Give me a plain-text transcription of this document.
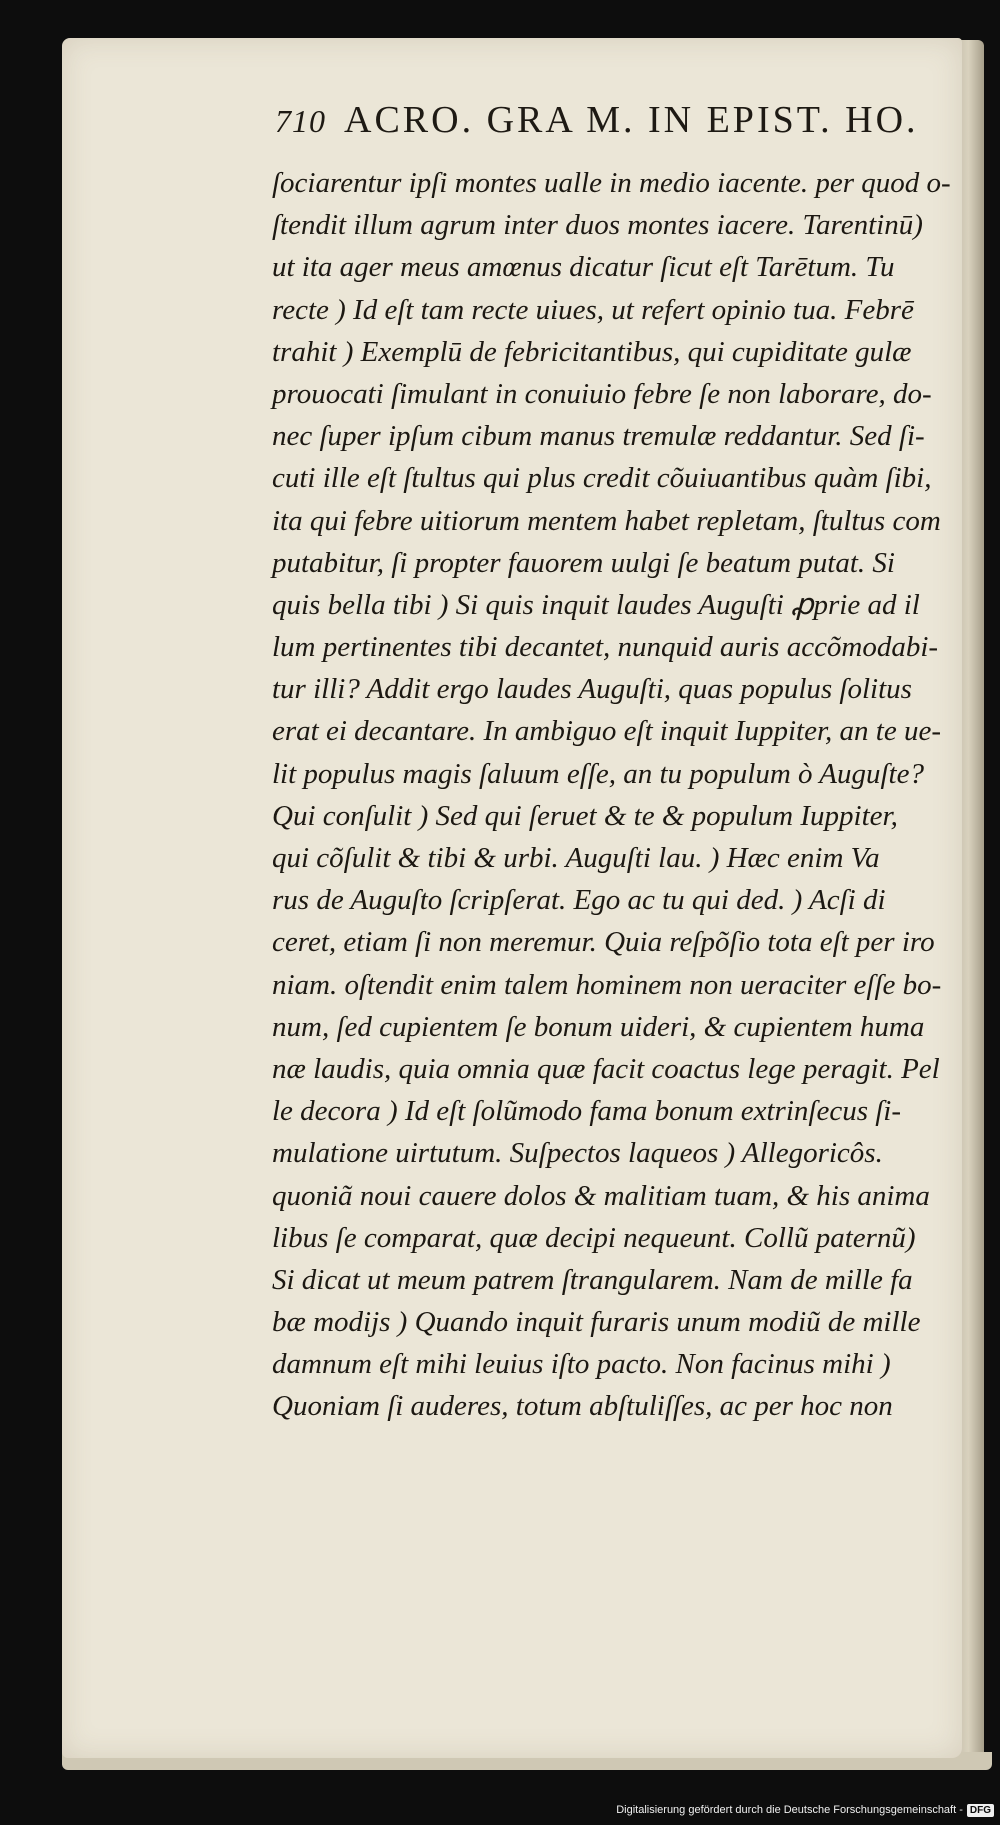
710 ACRO. GRA M. IN EPIST. HO.
ſociarentur ipſi montes ualle in medio iacente. per quod o-
ſtendit illum agrum inter duos montes iacere. Tarentinū)
ut ita ager meus amœnus dicatur ſicut eſt Tarētum. Tu
recte ) Id eſt tam recte uiues, ut refert opinio tua. Febrē
trahit ) Exemplū de febricitantibus, qui cupiditate gulæ
prouocati ſimulant in conuiuio febre ſe non laborare, do-
nec ſuper ipſum cibum manus tremulæ reddantur. Sed ſi-
cuti ille eſt ſtultus qui plus credit cõuiuantibus quàm ſibi,
ita qui febre uitiorum mentem habet repletam, ſtultus com
putabitur, ſi propter fauorem uulgi ſe beatum putat. Si
quis bella tibi ) Si quis inquit laudes Auguſti ꝓprie ad il
lum pertinentes tibi decantet, nunquid auris accõmodabi-
tur illi? Addit ergo laudes Auguſti, quas populus ſolitus
erat ei decantare. In ambiguo eſt inquit Iuppiter, an te ue-
lit populus magis ſaluum eſſe, an tu populum ò Auguſte?
Qui conſulit ) Sed qui ſeruet & te & populum Iuppiter,
qui cõſulit & tibi & urbi. Auguſti lau. ) Hæc enim Va
rus de Auguſto ſcripſerat. Ego ac tu qui ded. ) Acſi di
ceret, etiam ſi non meremur. Quia reſpõſio tota eſt per iro
niam. oſtendit enim talem hominem non ueraciter eſſe bo-
num, ſed cupientem ſe bonum uideri, & cupientem huma
næ laudis, quia omnia quæ facit coactus lege peragit. Pel
le decora ) Id eſt ſolũmodo fama bonum extrinſecus ſi-
mulatione uirtutum. Suſpectos laqueos ) Allegoricôs.
quoniã noui cauere dolos & malitiam tuam, & his anima
libus ſe comparat, quæ decipi nequeunt. Collũ paternũ)
Si dicat ut meum patrem ſtrangularem. Nam de mille fa
bæ modijs ) Quando inquit furaris unum modiũ de mille
damnum eſt mihi leuius iſto pacto. Non facinus mihi )
Quoniam ſi auderes, totum abſtuliſſes, ac per hoc non
Digitalisierung gefördert durch die Deutsche Forschungsgemeinschaft - DFG
